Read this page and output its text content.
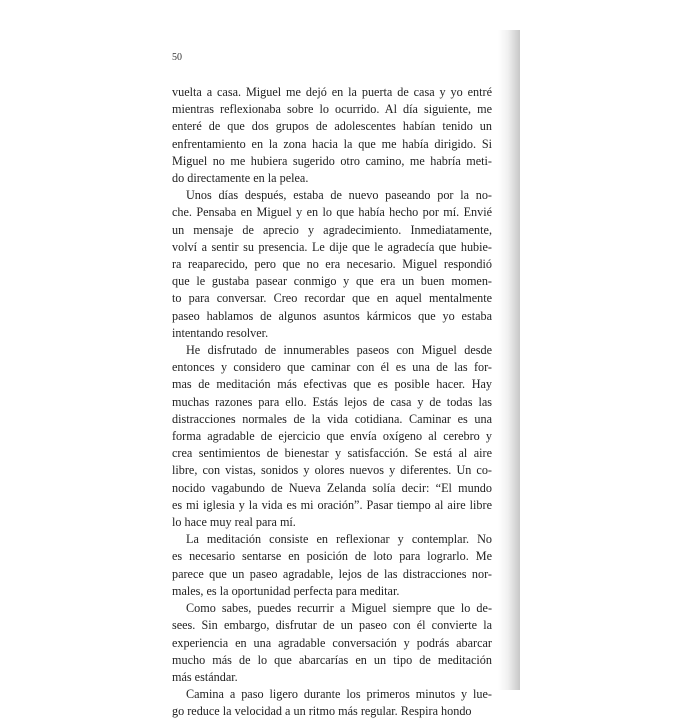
50

vuelta a casa. Miguel me dejó en la puerta de casa y yo entré
mientras reflexionaba sobre lo ocurrido. Al día siguiente, me
enteré de que dos grupos de adolescentes habían tenido un
enfrentamiento en la zona hacia la que me había dirigido. Si
Miguel no me hubiera sugerido otro camino, me habría meti-
do directamente en la pelea.

Unos días después, estaba de nuevo paseando por la no-
che. Pensaba en Miguel y en lo que había hecho por mí. Envié
un mensaje de aprecio y agradecimiento. Inmediatamente,
volví a sentir su presencia. Le dije que le agradecía que hubie-
ra reaparecido, pero que no era necesario. Miguel respondió
que le gustaba pasear conmigo y que era un buen momen-
to para conversar. Creo recordar que en aquel mentalmente
paseo hablamos de algunos asuntos kármicos que yo estaba
intentando resolver.

He disfrutado de innumerables paseos con Miguel desde
entonces y considero que caminar con él es una de las for-
mas de meditación más efectivas que es posible hacer. Hay
muchas razones para ello. Estás lejos de casa y de todas las
distracciones normales de la vida cotidiana. Caminar es una
forma agradable de ejercicio que envía oxígeno al cerebro y
crea sentimientos de bienestar y satisfacción. Se está al aire
libre, con vistas, sonidos y olores nuevos y diferentes. Un co-
nocido vagabundo de Nueva Zelanda solía decir: “El mundo
es mi iglesia y la vida es mi oración”. Pasar tiempo al aire libre
lo hace muy real para mí.

La meditación consiste en reflexionar y contemplar. No
es necesario sentarse en posición de loto para lograrlo. Me
parece que un paseo agradable, lejos de las distracciones nor-
males, es la oportunidad perfecta para meditar.

Como sabes, puedes recurrir a Miguel siempre que lo de-
sees. Sin embargo, disfrutar de un paseo con él convierte la
experiencia en una agradable conversación y podrás abarcar
mucho más de lo que abarcarías en un tipo de meditación
más estándar.

Camina a paso ligero durante los primeros minutos y lue-
go reduce la velocidad a un ritmo más regular. Respira hondo
